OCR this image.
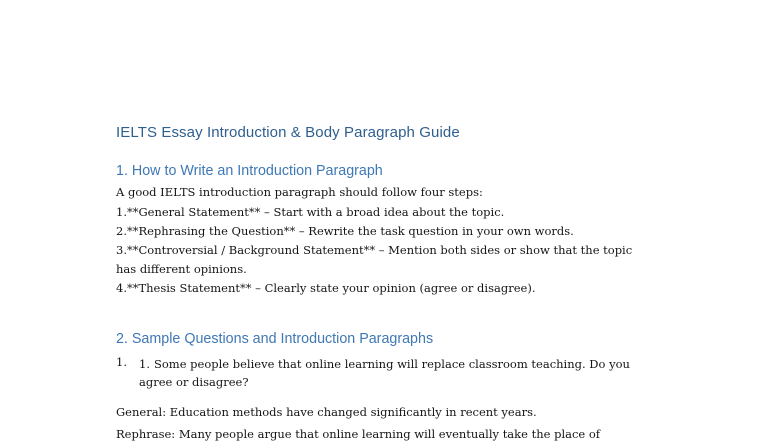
IELTS Essay Introduction & Body Paragraph Guide
1. How to Write an Introduction Paragraph
A good IELTS introduction paragraph should follow four steps:
1.**General Statement** – Start with a broad idea about the topic.
2.**Rephrasing the Question** – Rewrite the task question in your own words.
3.**Controversial / Background Statement** – Mention both sides or show that the topic
has different opinions.
4.**Thesis Statement** – Clearly state your opinion (agree or disagree).
2. Sample Questions and Introduction Paragraphs
1. 1. Some people believe that online learning will replace classroom teaching. Do you agree or disagree?
General: Education methods have changed significantly in recent years.
Rephrase: Many people argue that online learning will eventually take the place of
